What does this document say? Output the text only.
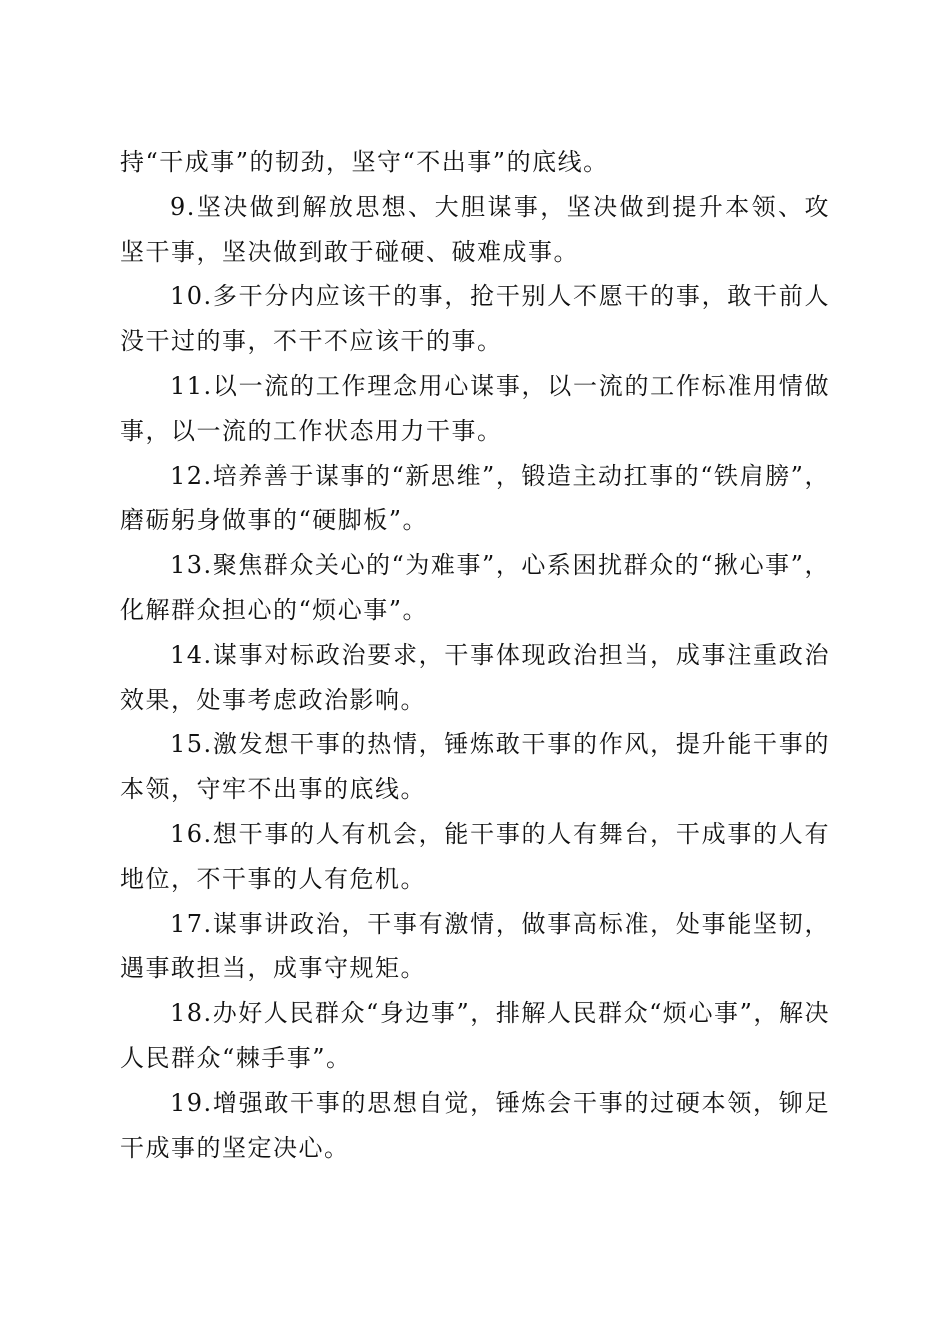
持“干成事”的韧劲，坚守“不出事”的底线。

9.坚决做到解放思想、大胆谋事，坚决做到提升本领、攻坚干事，坚决做到敢于碰硬、破难成事。

10.多干分内应该干的事，抢干别人不愿干的事，敢干前人没干过的事，不干不应该干的事。

11.以一流的工作理念用心谋事，以一流的工作标准用情做事，以一流的工作状态用力干事。

12.培养善于谋事的“新思维”，锻造主动扛事的“铁肩膀”，磨砺躬身做事的“硬脚板”。

13.聚焦群众关心的“为难事”，心系困扰群众的“揪心事”，化解群众担心的“烦心事”。

14.谋事对标政治要求，干事体现政治担当，成事注重政治效果，处事考虑政治影响。

15.激发想干事的热情，锤炼敢干事的作风，提升能干事的本领，守牢不出事的底线。

16.想干事的人有机会，能干事的人有舞台，干成事的人有地位，不干事的人有危机。

17.谋事讲政治，干事有激情，做事高标准，处事能坚韧，遇事敢担当，成事守规矩。

18.办好人民群众“身边事”，排解人民群众“烦心事”，解决人民群众“棘手事”。

19.增强敢干事的思想自觉，锤炼会干事的过硬本领，铆足干成事的坚定决心。
